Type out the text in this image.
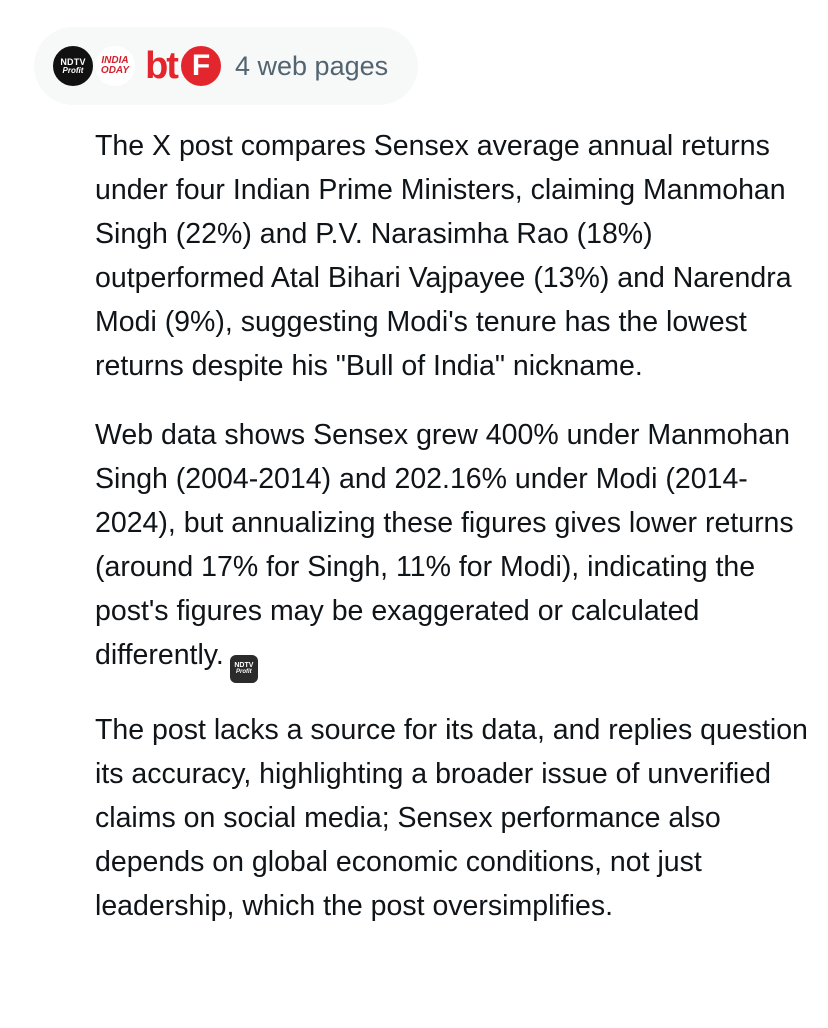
NDTV
Profit
INDIA
ODAY bt F 4 web pages

The X post compares Sensex average annual returns under four Indian Prime Ministers, claiming Manmohan Singh (22%) and P.V. Narasimha Rao (18%) outperformed Atal Bihari Vajpayee (13%) and Narendra Modi (9%), suggesting Modi's tenure has the lowest returns despite his "Bull of India" nickname.

Web data shows Sensex grew 400% under Manmohan Singh (2004-2014) and 202.16% under Modi (2014-2024), but annualizing these figures gives lower returns (around 17% for Singh, 11% for Modi), indicating the post's figures may be exaggerated or calculated differently. NDTV
Profit

The post lacks a source for its data, and replies question its accuracy, highlighting a broader issue of unverified claims on social media; Sensex performance also depends on global economic conditions, not just leadership, which the post oversimplifies.
